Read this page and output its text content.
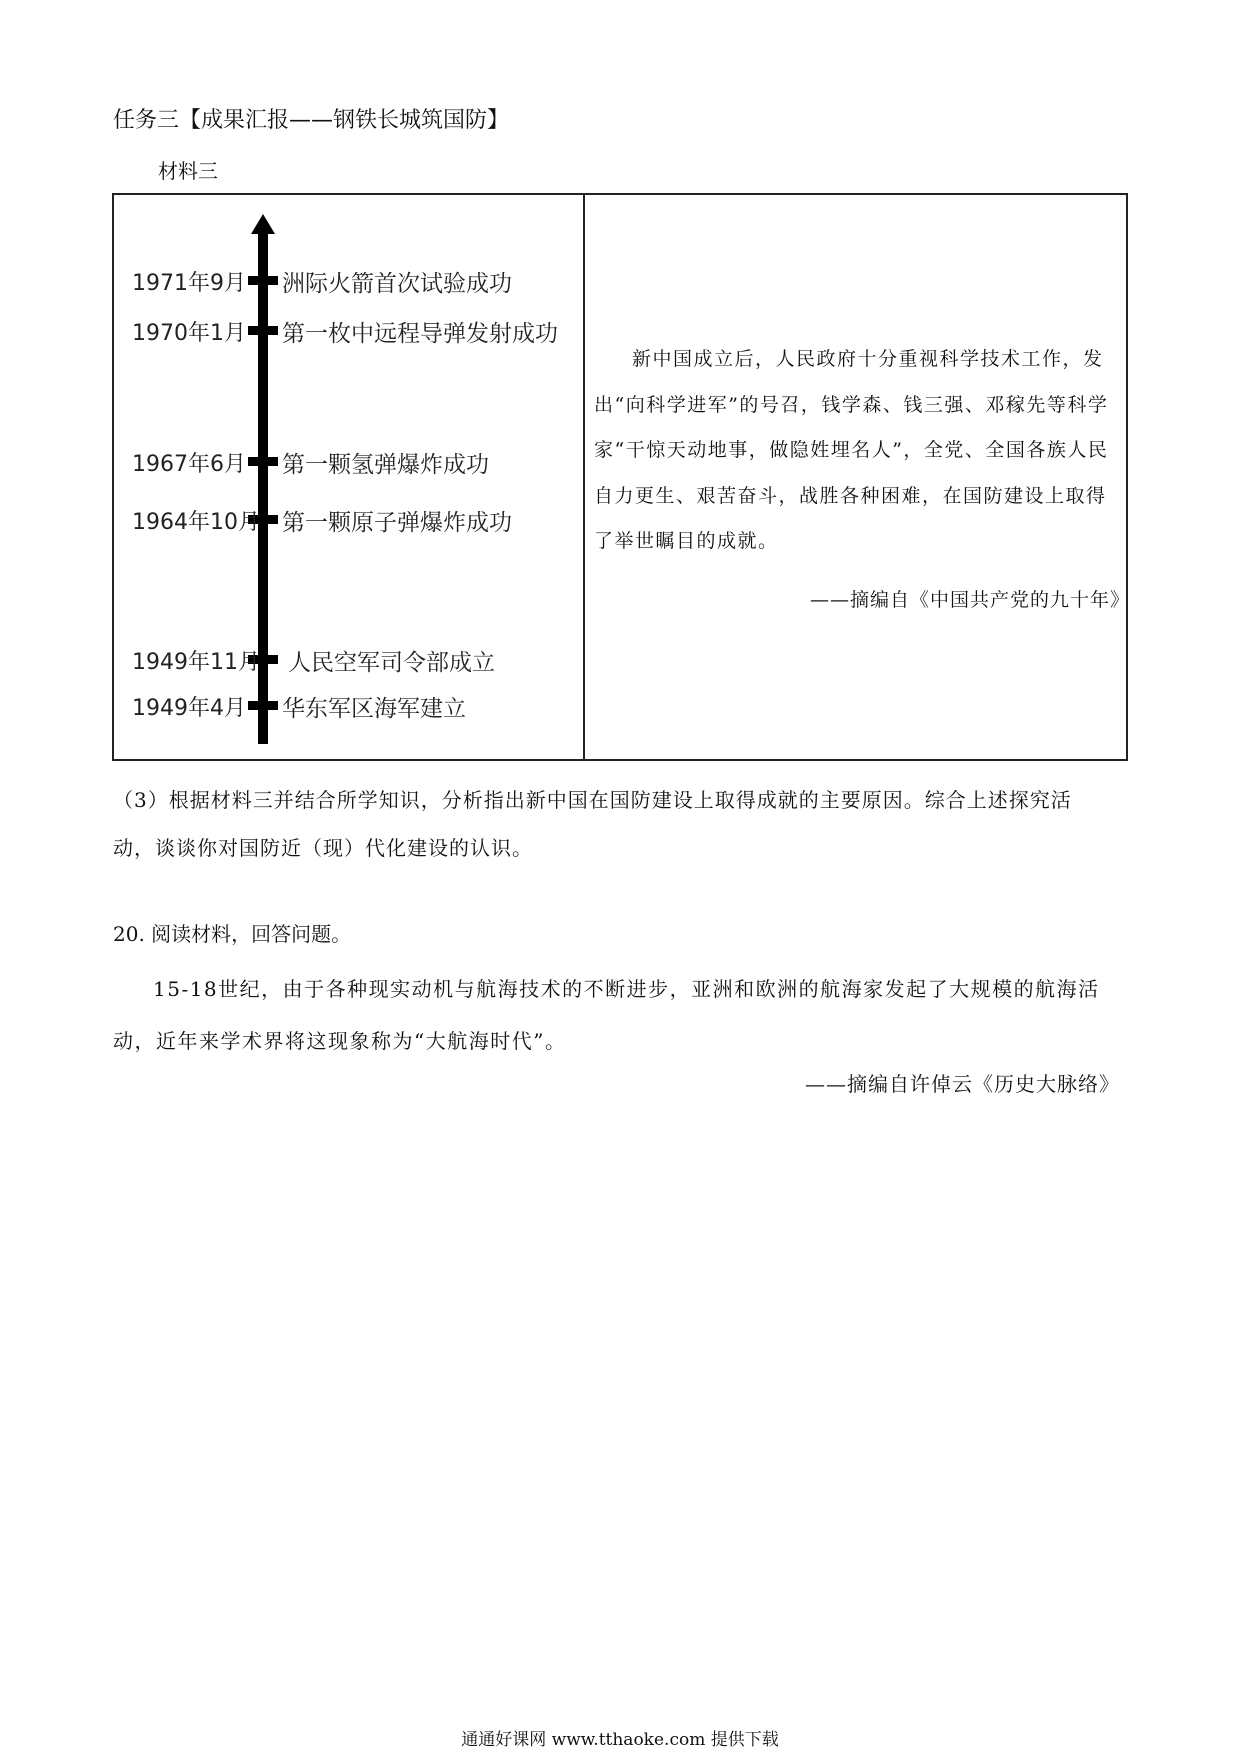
任务三【成果汇报——钢铁长城筑国防】
材料三
1971年9月 洲际火箭首次试验成功
1970年1月 第一枚中远程导弹发射成功
1967年6月 第一颗氢弹爆炸成功
1964年10月 第一颗原子弹爆炸成功
1949年11月 人民空军司令部成立
1949年4月 华东军区海军建立
新中国成立后，人民政府十分重视科学技术工作，发出“向科学进军”的号召，钱学森、钱三强、邓稼先等科学家“干惊天动地事，做隐姓埋名人”，全党、全国各族人民自力更生、艰苦奋斗，战胜各种困难，在国防建设上取得了举世瞩目的成就。
——摘编自《中国共产党的九十年》
（3）根据材料三并结合所学知识，分析指出新中国在国防建设上取得成就的主要原因。综合上述探究活动，谈谈你对国防近（现）代化建设的认识。
20. 阅读材料，回答问题。
15-18世纪，由于各种现实动机与航海技术的不断进步，亚洲和欧洲的航海家发起了大规模的航海活动，近年来学术界将这现象称为“大航海时代”。
——摘编自许倬云《历史大脉络》
通通好课网 www.tthaoke.com 提供下载
